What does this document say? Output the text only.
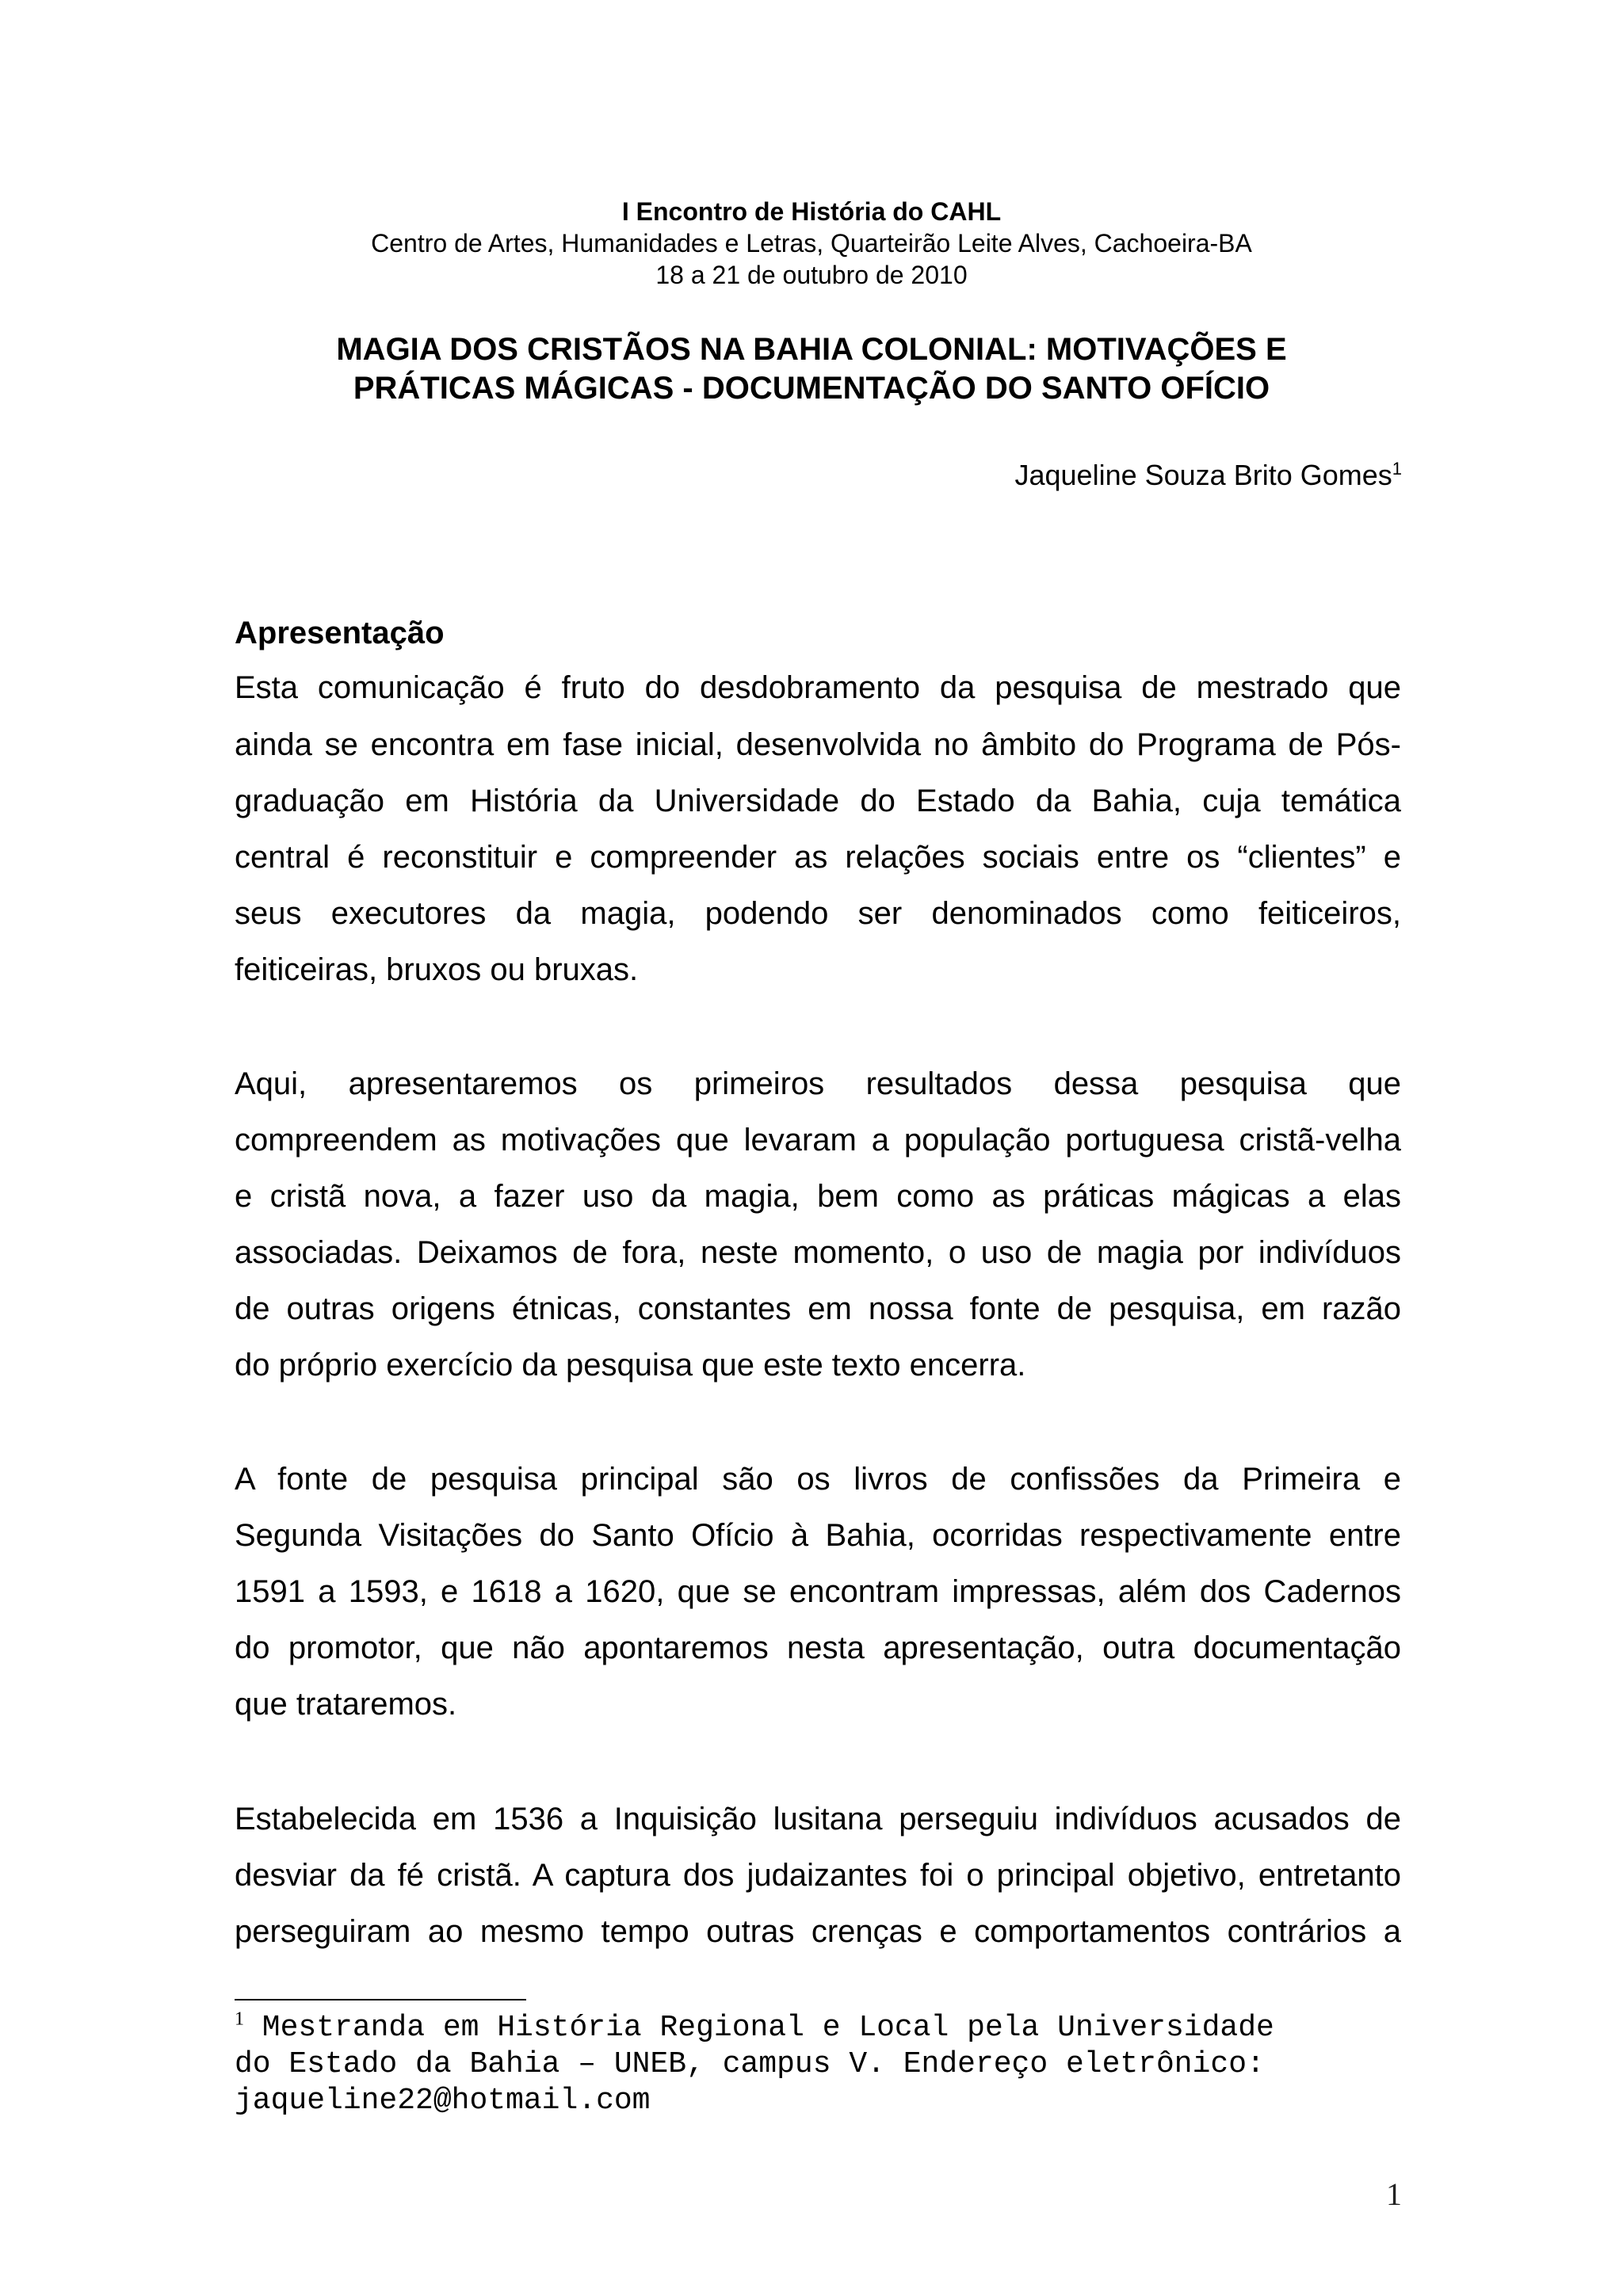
I Encontro de História do CAHL
Centro de Artes, Humanidades e Letras, Quarteirão Leite Alves, Cachoeira-BA
18 a 21 de outubro de 2010
MAGIA DOS CRISTÃOS NA BAHIA COLONIAL: MOTIVAÇÕES E
PRÁTICAS MÁGICAS - DOCUMENTAÇÃO DO SANTO OFÍCIO
Jaqueline Souza Brito Gomes$^1$
Apresentação
Esta comunicação é fruto do desdobramento da pesquisa de mestrado que
ainda se encontra em fase inicial, desenvolvida no âmbito do Programa de Pós-
graduação em História da Universidade do Estado da Bahia, cuja temática
central é reconstituir e compreender as relações sociais entre os “clientes” e
seus executores da magia, podendo ser denominados como feiticeiros,
feiticeiras, bruxos ou bruxas.
Aqui, apresentaremos os primeiros resultados dessa pesquisa que
compreendem as motivações que levaram a população portuguesa cristã-velha
e cristã nova, a fazer uso da magia, bem como as práticas mágicas a elas
associadas. Deixamos de fora, neste momento, o uso de magia por indivíduos
de outras origens étnicas, constantes em nossa fonte de pesquisa, em razão
do próprio exercício da pesquisa que este texto encerra.
A fonte de pesquisa principal são os livros de confissões da Primeira e
Segunda Visitações do Santo Ofício à Bahia, ocorridas respectivamente entre
1591 a 1593, e 1618 a 1620, que se encontram impressas, além dos Cadernos
do promotor, que não apontaremos nesta apresentação, outra documentação
que trataremos.
Estabelecida em 1536 a Inquisição lusitana perseguiu indivíduos acusados de
desviar da fé cristã. A captura dos judaizantes foi o principal objetivo, entretanto
perseguiram ao mesmo tempo outras crenças e comportamentos contrários a
$^1$ Mestranda em História Regional e Local pela Universidade
do Estado da Bahia – UNEB, campus V. Endereço eletrônico:
jaqueline22@hotmail.com
1
